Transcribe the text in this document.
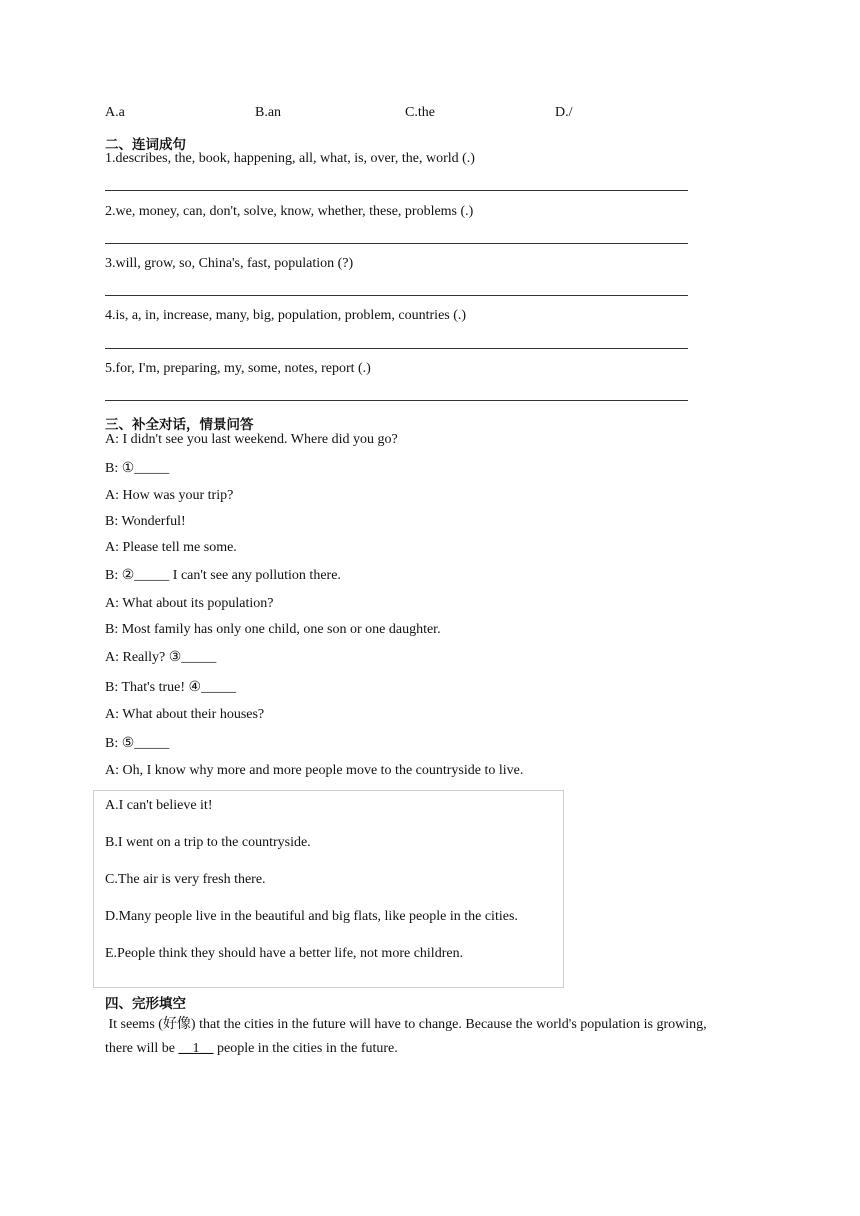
A.a	B.an	C.the	D./
二、连词成句
1.describes, the, book, happening, all, what, is, over, the, world (.)
2.we, money, can, don't, solve, know, whether, these, problems (.)
3.will, grow, so, China's, fast, population (?)
4.is, a, in, increase, many, big, population, problem, countries (.)
5.for, I'm, preparing, my, some, notes, report (.)
三、补全对话，情景问答
A: I didn't see you last weekend. Where did you go?
B: ①_____
A: How was your trip?
B: Wonderful!
A: Please tell me some.
B: ②_____ I can't see any pollution there.
A: What about its population?
B: Most family has only one child, one son or one daughter.
A: Really? ③_____
B: That's true! ④_____
A: What about their houses?
B: ⑤_____
A: Oh, I know why more and more people move to the countryside to live.
A.I can't believe it!
B.I went on a trip to the countryside.
C.The air is very fresh there.
D.Many people live in the beautiful and big flats, like people in the cities.
E.People think they should have a better life, not more children.
四、完形填空
It seems (好像) that the cities in the future will have to change. Because the world's population is growing,
there will be __1__ people in the cities in the future.
